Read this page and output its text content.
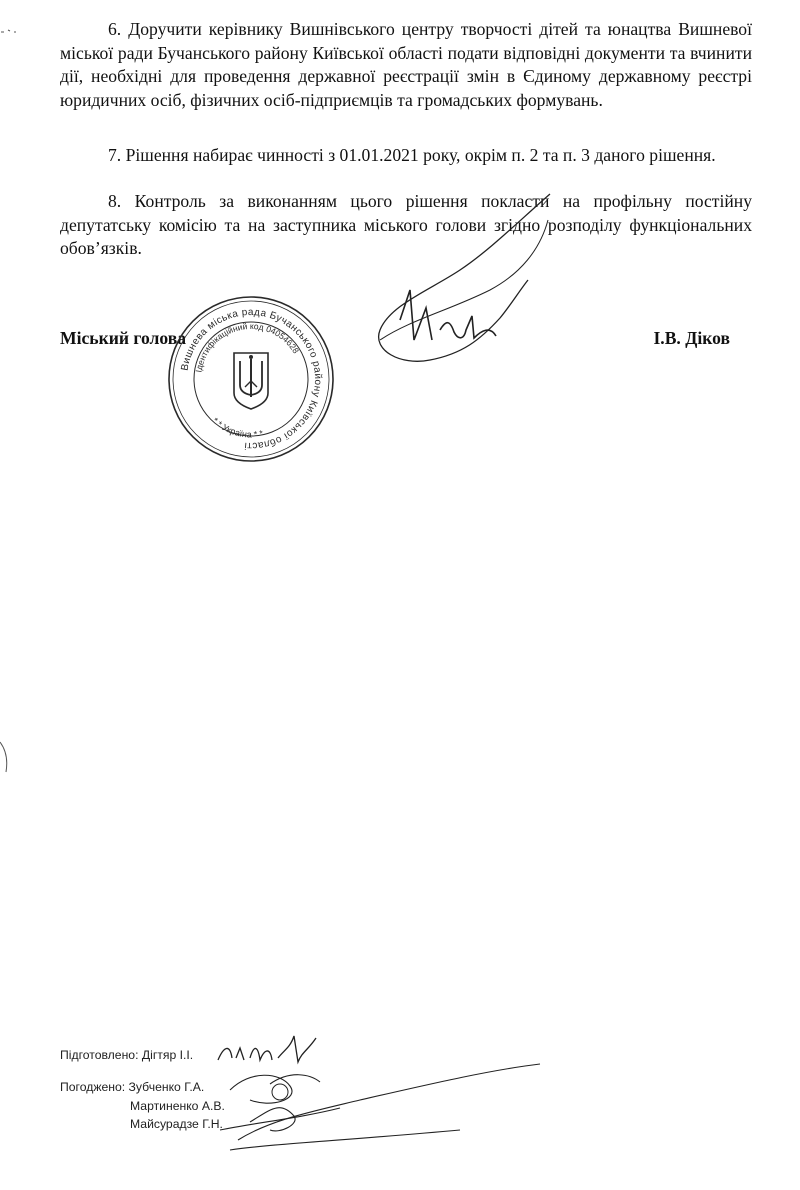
6. Доручити керівнику Вишнівського центру творчості дітей та юнацтва Вишневої міської ради Бучанського району Київської області подати відповідні документи та вчинити дії, необхідні для проведення державної реєстрації змін в Єдиному державному реєстрі юридичних осіб, фізичних осіб-підприємців та громадських формувань.

7. Рішення набирає чинності з 01.01.2021 року, окрім п. 2 та п. 3 даного рішення.

8. Контроль за виконанням цього рішення покласти на профільну постійну депутатську комісію та на заступника міського голови згідно розподілу функціональних обов’язків.

Міський голова	І.В. Діков
Вишнева міська рада Бучанського району Київської області
Ідентифікаційний код 04054628
* * Україна * *
Підготовлено: Дігтяр І.І.
Погоджено: Зубченко Г.А.
Мартиненко А.В.
Майсурадзе Г.Н.
